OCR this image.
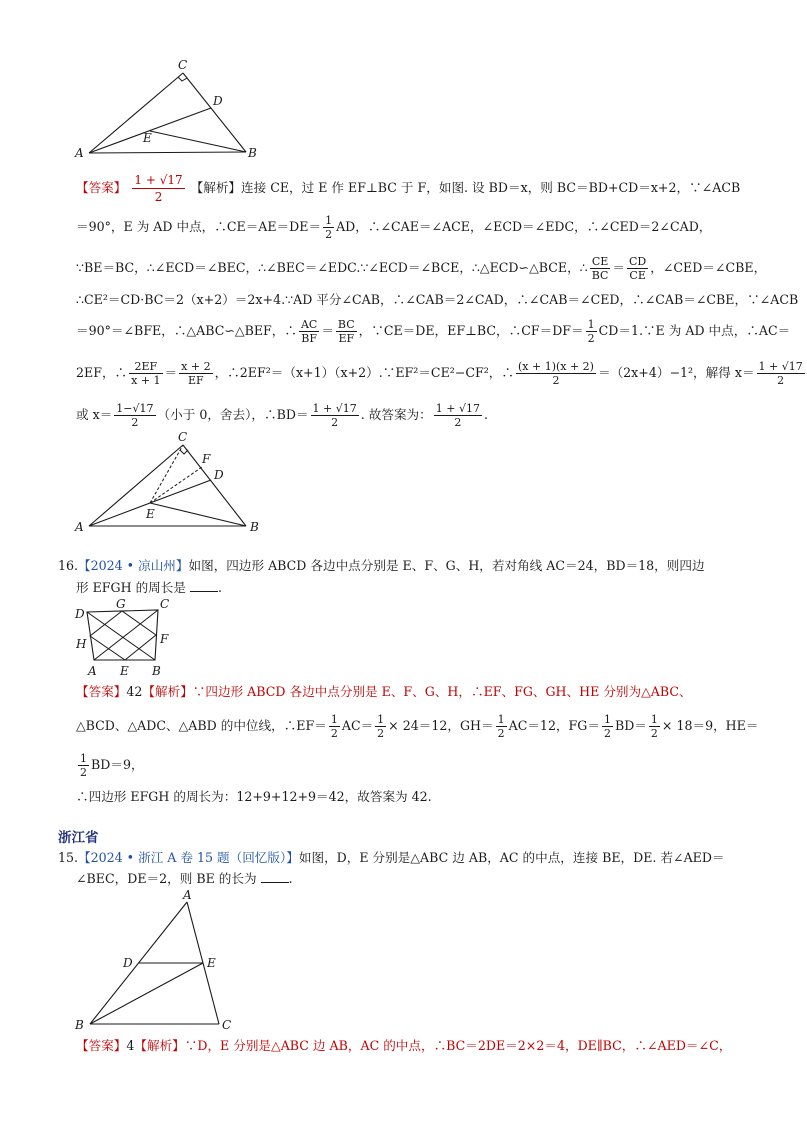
C
D
E
A	B
【答案】 $\frac{1 + √17}{2}$ 【解析】连接 CE，过 E 作 EF⊥BC 于 F，如图. 设 BD＝x，则 BC＝BD+CD＝x+2，∵∠ACB
＝90°，E 为 AD 中点，∴CE＝AE＝DE＝ $\frac{1}{2}$ AD，∴∠CAE＝∠ACE，∠ECD＝∠EDC，∴∠CED＝2∠CAD，
∵BE＝BC，∴∠ECD＝∠BEC，∴∠BEC＝∠EDC.∵∠ECD＝∠BCE，∴△ECD∽△BCE，∴ $\frac{CE}{BC} = \frac{CD}{CE}$ ，∠CED＝∠CBE，
∴CE²＝CD·BC＝2（x+2）＝2x+4.∵AD 平分∠CAB，∴∠CAB＝2∠CAD，∴∠CAB＝∠CED，∴∠CAB＝∠CBE，∵∠ACB
＝90°＝∠BFE，∴△ABC∽△BEF，∴ $\frac{AC}{BF} = \frac{BC}{EF}$ ，∵CE＝DE，EF⊥BC，∴CF＝DF＝ $\frac{1}{2}$ CD＝1.∵E 为 AD 中点，∴AC＝
2EF，∴ $\frac{2EF}{x + 1} = \frac{x + 2}{EF}$ ，∴2EF²＝（x+1）（x+2）.∵EF²＝CE²−CF²，∴ $\frac{(x + 1)(x + 2)}{2} =(2x+4)-1^2$，解得 $x= \frac{1 + √17}{2}$
或 $x= \frac{1-√17}{2}$ （小于 0，舍去），∴BD＝ $\frac{1 + √17}{2}$ . 故答案为： $\frac{1 + √17}{2}$ .
C
F
D
E
A	B
16.【2024 • 凉山州】如图，四边形 ABCD 各边中点分别是 E、F、G、H，若对角线 AC＝24，BD＝18，则四边
形 EFGH 的周长是	.
D
G	C
H	F
A E B
【答案】42【解析】∵四边形 ABCD 各边中点分别是 E、F、G、H，∴EF、FG、GH、HE 分别为△ABC、
△BCD、△ADC、△ABD 的中位线，∴EF＝ $\frac{1}{2} AC= \frac{1}{2} \times 24=12$，$GH= \frac{1}{2} AC=12$，$FG= \frac{1}{2} BD= \frac{1}{2} \times 18=9$，HE＝
$\frac{1}{2} BD=9$，
∴四边形 EFGH 的周长为：12+9+12+9＝42，故答案为 42.
浙江省
15.【2024 • 浙江 A 卷 15 题（回忆版）】如图，D，E 分别是△ABC 边 AB，AC 的中点，连接 BE，DE. 若∠AED＝
∠BEC，DE＝2，则 BE 的长为	.
A
D	E
B	C
【答案】4【解析】∵D，E 分别是△ABC 边 AB，AC 的中点，∴BC＝2DE＝2×2＝4，DE∥BC，∴∠AED＝∠C，
